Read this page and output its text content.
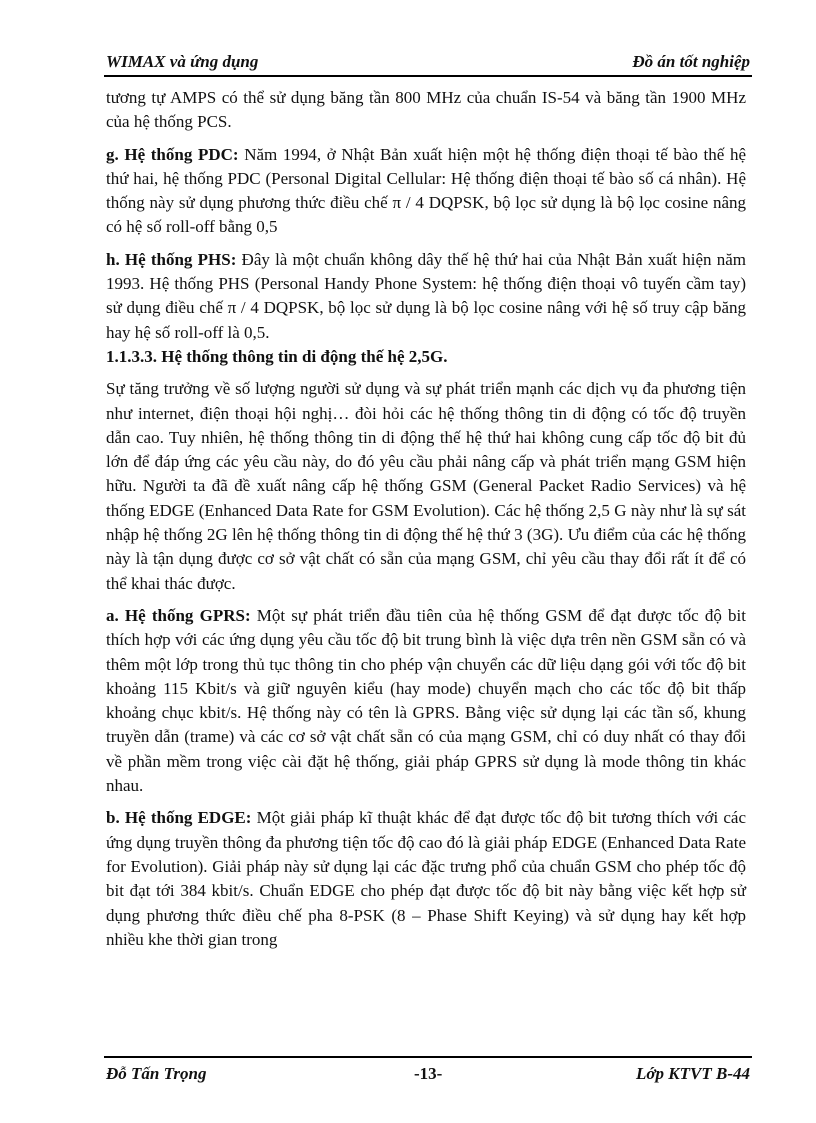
WIMAX và ứng dụng	Đồ án tốt nghiệp

tương tự AMPS có thể sử dụng băng tần 800 MHz của chuẩn IS-54 và băng tần 1900 MHz của hệ thống PCS.

g. Hệ thống PDC: Năm 1994, ở Nhật Bản xuất hiện một hệ thống điện thoại tế bào thế hệ thứ hai, hệ thống PDC (Personal Digital Cellular: Hệ thống điện thoại tế bào số cá nhân). Hệ thống này sử dụng phương thức điều chế π / 4 DQPSK, bộ lọc sử dụng là bộ lọc cosine nâng có hệ số roll-off bằng 0,5

h. Hệ thống PHS: Đây là một chuẩn không dây thế hệ thứ hai của Nhật Bản xuất hiện năm 1993. Hệ thống PHS (Personal Handy Phone System: hệ thống điện thoại vô tuyến cầm tay) sử dụng điều chế π / 4 DQPSK, bộ lọc sử dụng là bộ lọc cosine nâng với hệ số truy cập băng hay hệ số roll-off là 0,5.

1.1.3.3. Hệ thống thông tin di động thế hệ 2,5G.

Sự tăng trưởng về số lượng người sử dụng và sự phát triển mạnh các dịch vụ đa phương tiện như internet, điện thoại hội nghị… đòi hỏi các hệ thống thông tin di động có tốc độ truyền dẫn cao. Tuy nhiên, hệ thống thông tin di động thế hệ thứ hai không cung cấp tốc độ bit đủ lớn để đáp ứng các yêu cầu này, do đó yêu cầu phải nâng cấp và phát triển mạng GSM hiện hữu. Người ta đã đề xuất nâng cấp hệ thống GSM (General Packet Radio Services) và hệ thống EDGE (Enhanced Data Rate for GSM Evolution). Các hệ thống 2,5 G này như là sự sát nhập hệ thống 2G lên hệ thống thông tin di động thế hệ thứ 3 (3G). Ưu điểm của các hệ thống này là tận dụng được cơ sở vật chất có sẵn của mạng GSM, chỉ yêu cầu thay đổi rất ít để có thể khai thác được.

a. Hệ thống GPRS: Một sự phát triển đầu tiên của hệ thống GSM để đạt được tốc độ bit thích hợp với các ứng dụng yêu cầu tốc độ bit trung bình là việc dựa trên nền GSM sẵn có và thêm một lớp trong thủ tục thông tin cho phép vận chuyển các dữ liệu dạng gói với tốc độ bit khoảng 115 Kbit/s và giữ nguyên kiểu (hay mode) chuyển mạch cho các tốc độ bit thấp khoảng chục kbit/s. Hệ thống này có tên là GPRS. Bằng việc sử dụng lại các tần số, khung truyền dẫn (trame) và các cơ sở vật chất sẵn có của mạng GSM, chỉ có duy nhất có thay đổi về phần mềm trong việc cài đặt hệ thống, giải pháp GPRS sử dụng là mode thông tin khác nhau.

b. Hệ thống EDGE: Một giải pháp kĩ thuật khác để đạt được tốc độ bit tương thích với các ứng dụng truyền thông đa phương tiện tốc độ cao đó là giải pháp EDGE (Enhanced Data Rate for Evolution). Giải pháp này sử dụng lại các đặc trưng phổ của chuẩn GSM cho phép tốc độ bit đạt tới 384 kbit/s. Chuẩn EDGE cho phép đạt được tốc độ bit này bằng việc kết hợp sử dụng phương thức điều chế pha 8-PSK (8 – Phase Shift Keying) và sử dụng hay kết hợp nhiều khe thời gian trong

Đỗ Tấn Trọng	-13-	Lớp KTVT B-44
